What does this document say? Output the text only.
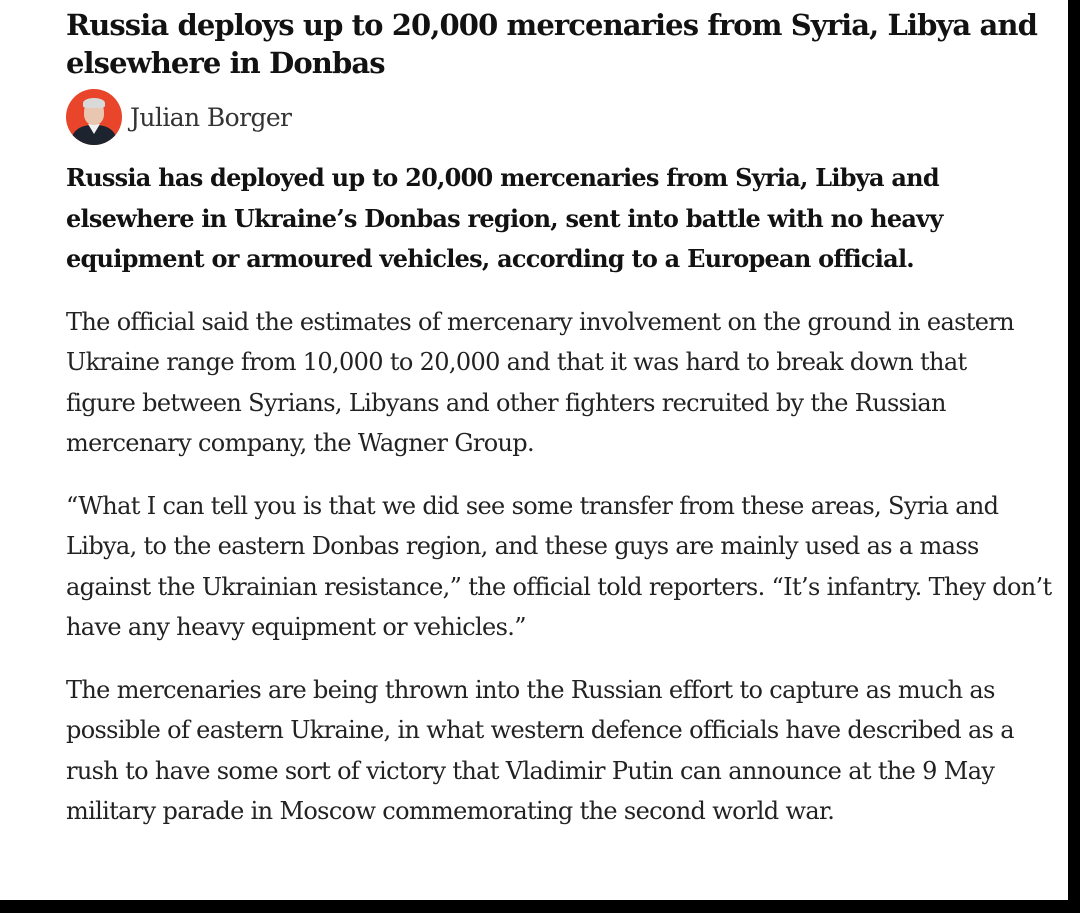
Russia deploys up to 20,000 mercenaries from Syria, Libya and elsewhere in Donbas
Julian Borger

Russia has deployed up to 20,000 mercenaries from Syria, Libya and elsewhere in Ukraine’s Donbas region, sent into battle with no heavy equipment or armoured vehicles, according to a European official.

The official said the estimates of mercenary involvement on the ground in eastern Ukraine range from 10,000 to 20,000 and that it was hard to break down that figure between Syrians, Libyans and other fighters recruited by the Russian mercenary company, the Wagner Group.

“What I can tell you is that we did see some transfer from these areas, Syria and Libya, to the eastern Donbas region, and these guys are mainly used as a mass against the Ukrainian resistance,” the official told reporters. “It’s infantry. They don’t have any heavy equipment or vehicles.”

The mercenaries are being thrown into the Russian effort to capture as much as possible of eastern Ukraine, in what western defence officials have described as a rush to have some sort of victory that Vladimir Putin can announce at the 9 May military parade in Moscow commemorating the second world war.
